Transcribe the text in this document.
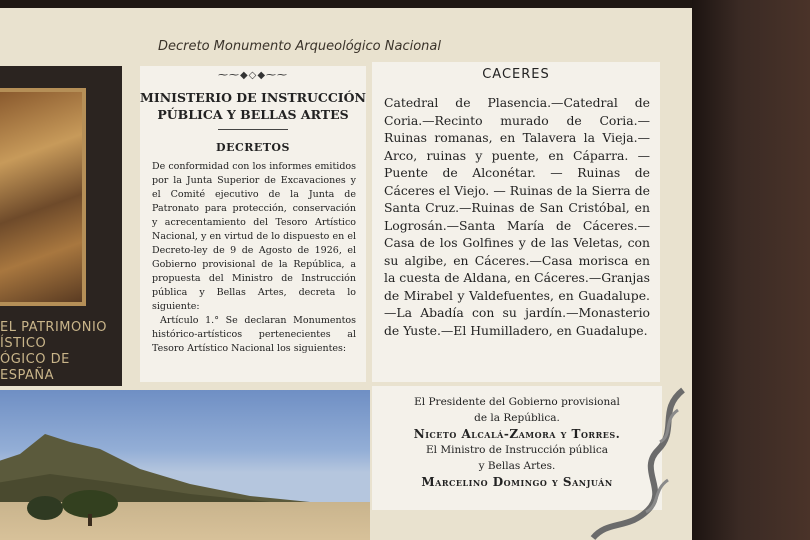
Decreto Monumento Arqueológico Nacional
EL PATRIMONIO
ÍSTICO
ÓGICO DE ESPAÑA
⁓⁓◆◇◆⁓⁓
MINISTERIO DE INSTRUCCIÓN
PÚBLICA Y BELLAS ARTES
DECRETOS

De conformidad con los informes emitidos por la Junta Superior de Excavaciones y el Comité ejecutivo de la Junta de Patronato para protección, conservación y acrecentamiento del Tesoro Artístico Nacional, y en virtud de lo dispuesto en el Decreto-ley de 9 de Agosto de 1926, el Gobierno provisional de la República, a propuesta del Ministro de Instrucción pública y Bellas Artes, decreta lo siguiente:

Artículo 1.° Se declaran Monumentos histórico-artísticos pertenecientes al Tesoro Artístico Nacional los siguientes:

CACERES
Catedral de Plasencia.—Catedral de Coria.—Recinto murado de Coria.—Ruinas romanas, en Talavera la Vieja.—Arco, ruinas y puente, en Cáparra. — Puente de Alconétar. — Ruinas de Cáceres el Viejo. — Ruinas de la Sierra de Santa Cruz.—Ruinas de San Cristóbal, en Logrosán.—Santa María de Cáceres.—Casa de los Golfines y de las Veletas, con su algibe, en Cáceres.—Casa morisca en la cuesta de Aldana, en Cáceres.—Granjas de Mirabel y Valdefuentes, en Guadalupe.—La Abadía con su jardín.—Monasterio de Yuste.—El Humilladero, en Guadalupe.
El Presidente del Gobierno provisional
de la República.
Niceto Alcalá-Zamora y Torres.
El Ministro de Instrucción pública
y Bellas Artes.
Marcelino Domingo y Sanjuán
